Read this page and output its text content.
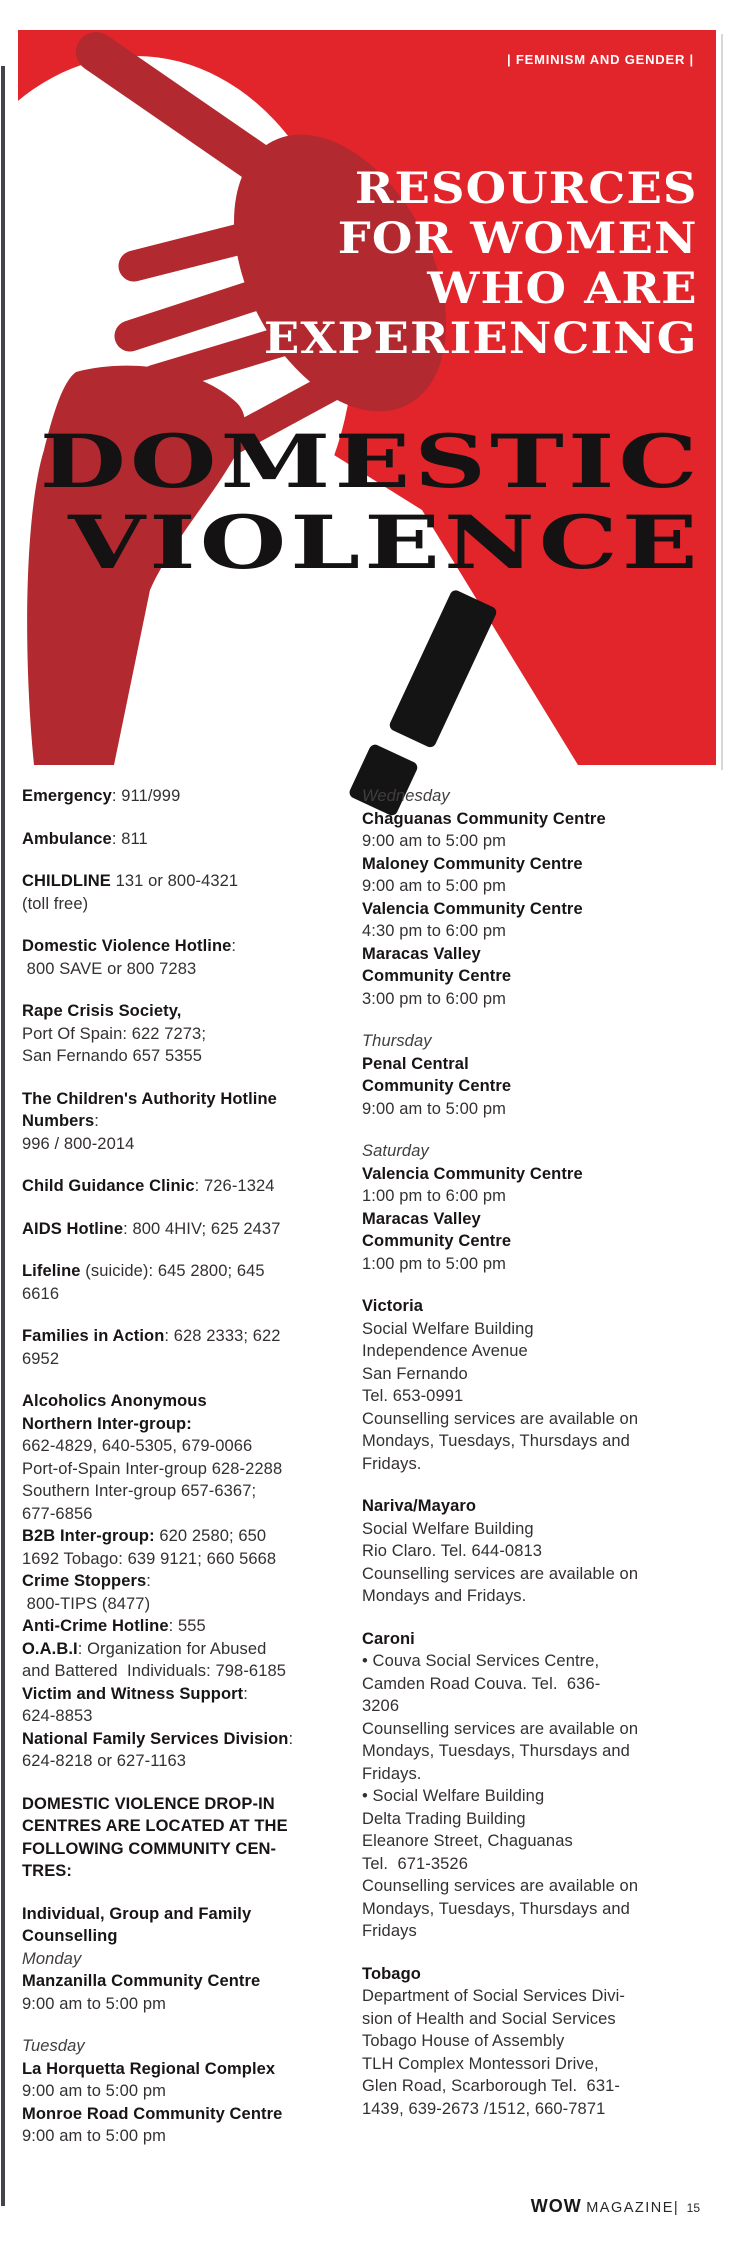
| FEMINISM AND GENDER |
RESOURCES
FOR WOMEN
WHO ARE
EXPERIENCING
DOMESTIC
VIOLENCE
Emergency: 911/999
Ambulance: 811
CHILDLINE 131 or 800-4321
(toll free)
Domestic Violence Hotline:
800 SAVE or 800 7283
Rape Crisis Society,
Port Of Spain: 622 7273;
San Fernando 657 5355
The Children's Authority Hotline
Numbers:
996 / 800-2014
Child Guidance Clinic: 726-1324
AIDS Hotline: 800 4HIV; 625 2437
Lifeline (suicide): 645 2800; 645
6616
Families in Action: 628 2333; 622
6952
Alcoholics Anonymous
Northern Inter-group:
662-4829, 640-5305, 679-0066
Port-of-Spain Inter-group 628-2288
Southern Inter-group 657-6367;
677-6856
B2B Inter-group: 620 2580; 650
1692 Tobago: 639 9121; 660 5668
Crime Stoppers:
800-TIPS (8477)
Anti-Crime Hotline: 555
O.A.B.I: Organization for Abused
and Battered  Individuals: 798-6185
Victim and Witness Support:
624-8853
National Family Services Division:
624-8218 or 627-1163
DOMESTIC VIOLENCE DROP-IN
CENTRES ARE LOCATED AT THE
FOLLOWING COMMUNITY CEN-
TRES:
Individual, Group and Family
Counselling
Monday
Manzanilla Community Centre
9:00 am to 5:00 pm
Tuesday
La Horquetta Regional Complex
9:00 am to 5:00 pm
Monroe Road Community Centre
9:00 am to 5:00 pm
Wednesday
Chaguanas Community Centre
9:00 am to 5:00 pm
Maloney Community Centre
9:00 am to 5:00 pm
Valencia Community Centre
4:30 pm to 6:00 pm
Maracas Valley
Community Centre
3:00 pm to 6:00 pm
Thursday
Penal Central
Community Centre
9:00 am to 5:00 pm
Saturday
Valencia Community Centre
1:00 pm to 6:00 pm
Maracas Valley
Community Centre
1:00 pm to 5:00 pm
Victoria
Social Welfare Building
Independence Avenue
San Fernando
Tel. 653-0991
Counselling services are available on
Mondays, Tuesdays, Thursdays and
Fridays.
Nariva/Mayaro
Social Welfare Building
Rio Claro. Tel. 644-0813
Counselling services are available on
Mondays and Fridays.
Caroni
• Couva Social Services Centre,
Camden Road Couva. Tel.  636-
3206
Counselling services are available on
Mondays, Tuesdays, Thursdays and
Fridays.
• Social Welfare Building
Delta Trading Building
Eleanore Street, Chaguanas
Tel.  671-3526
Counselling services are available on
Mondays, Tuesdays, Thursdays and
Fridays
Tobago
Department of Social Services Divi-
sion of Health and Social Services
Tobago House of Assembly
TLH Complex Montessori Drive,
Glen Road, Scarborough Tel.  631-
1439, 639-2673 /1512, 660-7871
WOW MAGAZINE| 15
